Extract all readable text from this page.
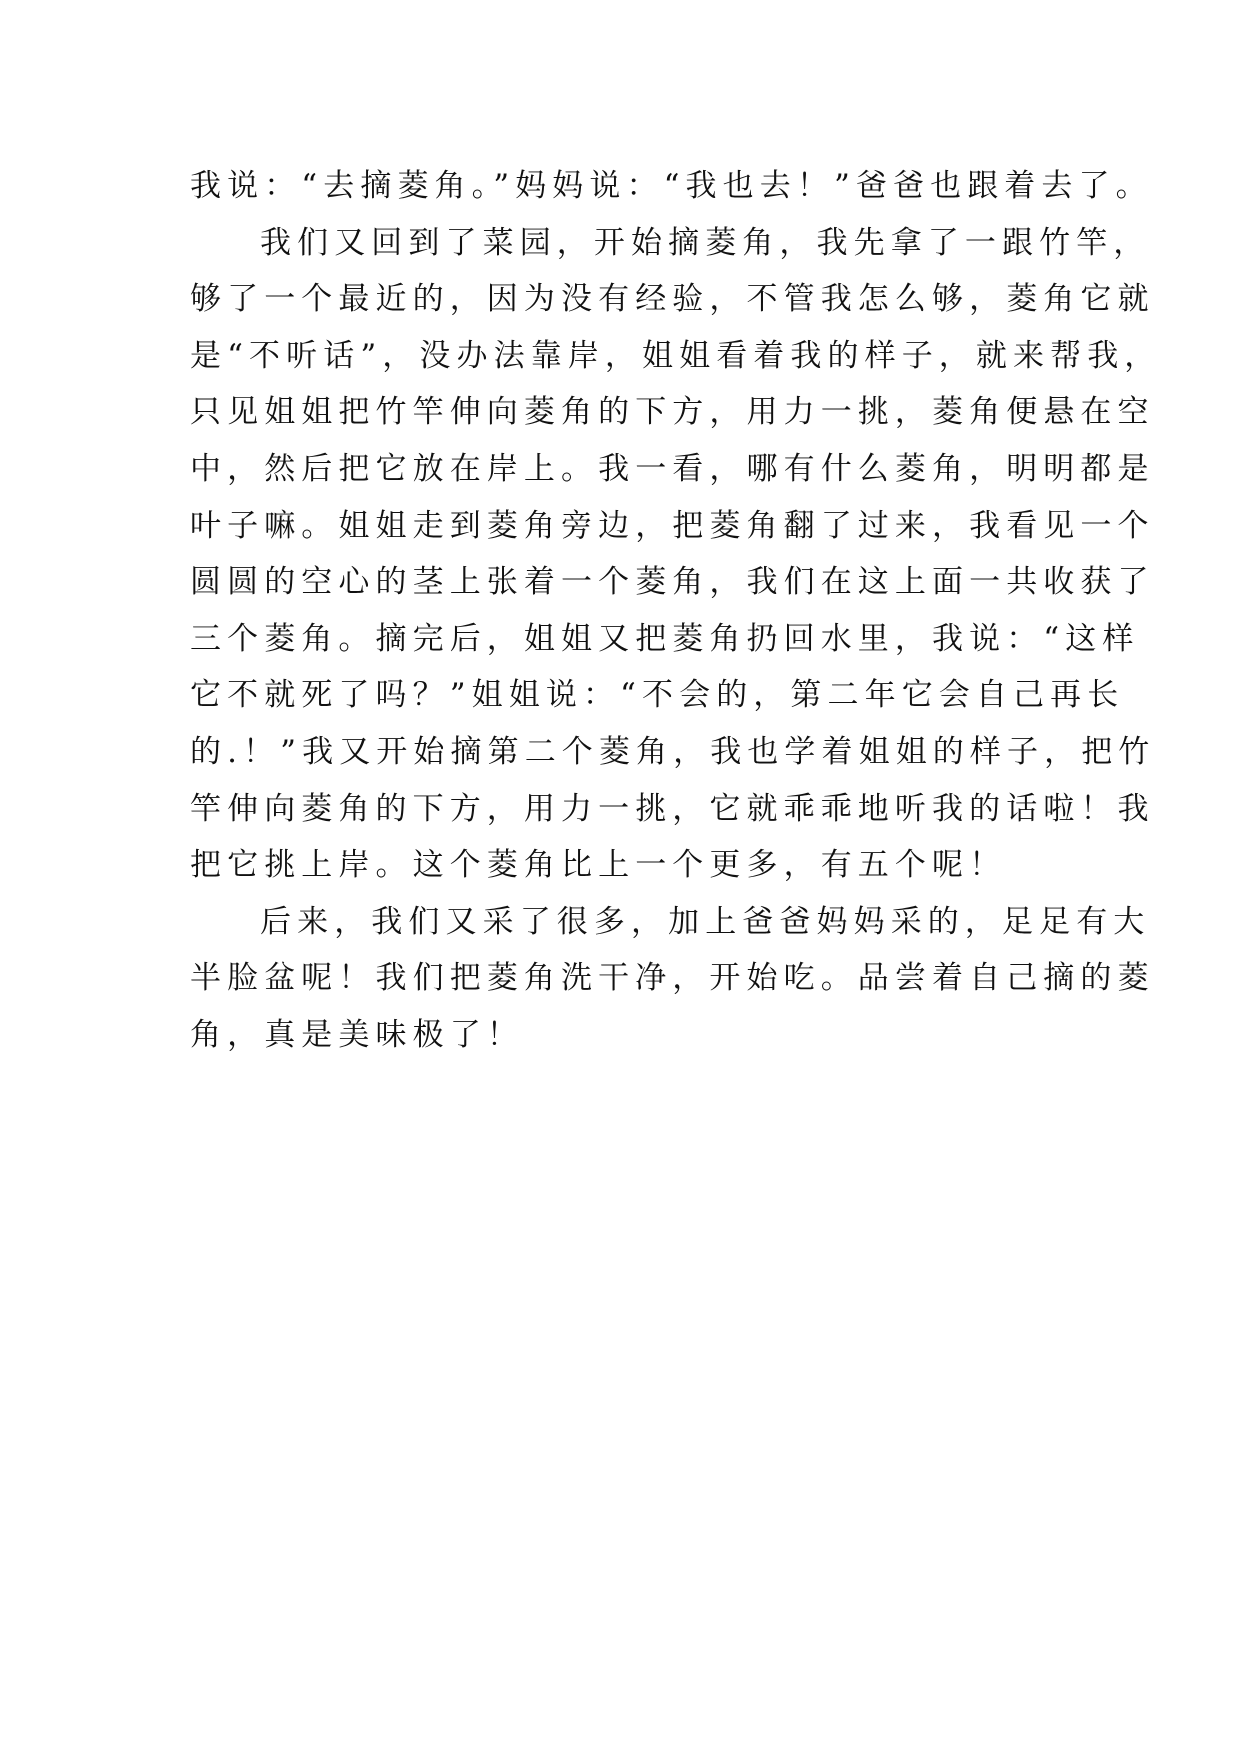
我说：“去摘菱角。”妈妈说：“我也去！”爸爸也跟着去了。
我们又回到了菜园，开始摘菱角，我先拿了一跟竹竿，
够了一个最近的，因为没有经验，不管我怎么够，菱角它就
是“不听话”，没办法靠岸，姐姐看着我的样子，就来帮我，
只见姐姐把竹竿伸向菱角的下方，用力一挑，菱角便悬在空
中，然后把它放在岸上。我一看，哪有什么菱角，明明都是
叶子嘛。姐姐走到菱角旁边，把菱角翻了过来，我看见一个
圆圆的空心的茎上张着一个菱角，我们在这上面一共收获了
三个菱角。摘完后，姐姐又把菱角扔回水里，我说：“这样
它不就死了吗？”姐姐说：“不会的，第二年它会自己再长
的.！”我又开始摘第二个菱角，我也学着姐姐的样子，把竹
竿伸向菱角的下方，用力一挑，它就乖乖地听我的话啦！我
把它挑上岸。这个菱角比上一个更多，有五个呢！
后来，我们又采了很多，加上爸爸妈妈采的，足足有大
半脸盆呢！我们把菱角洗干净，开始吃。品尝着自己摘的菱
角，真是美味极了！
